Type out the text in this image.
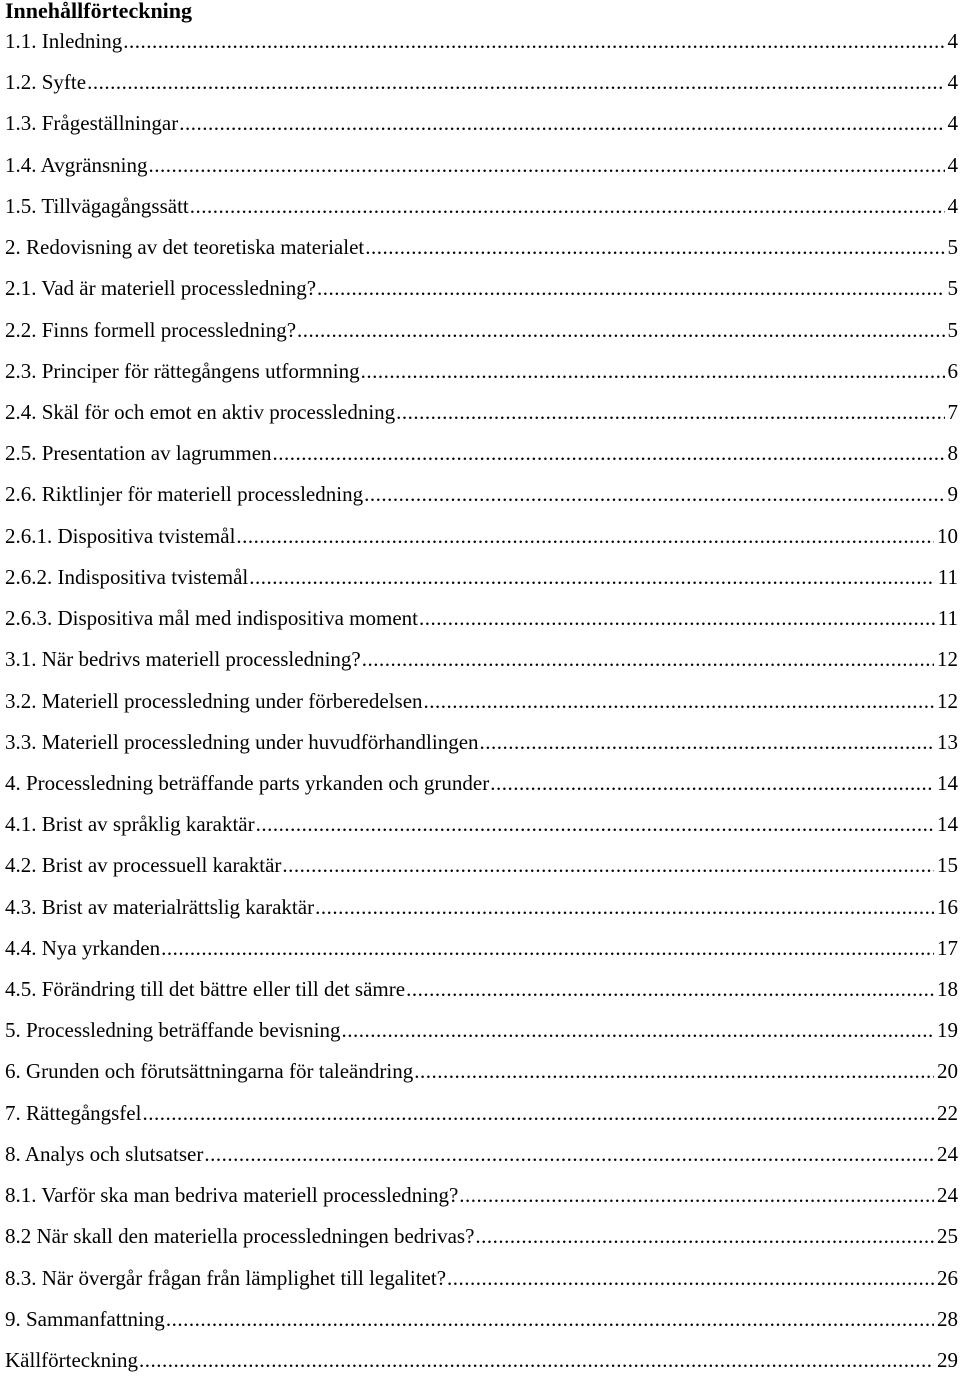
Innehållförteckning
1.1. Inledning .....	4
1.2. Syfte .....	4
1.3. Frågeställningar .....	4
1.4. Avgränsning .....	4
1.5. Tillvägagångssätt .....	4
2. Redovisning av det teoretiska materialet .....	5
2.1. Vad är materiell processledning? .....	5
2.2. Finns formell processledning? .....	5
2.3. Principer för rättegångens utformning .....	6
2.4. Skäl för och emot en aktiv processledning .....	7
2.5. Presentation av lagrummen .....	8
2.6. Riktlinjer för materiell processledning .....	9
2.6.1. Dispositiva tvistemål .....	10
2.6.2. Indispositiva tvistemål .....	11
2.6.3. Dispositiva mål med indispositiva moment .....	11
3.1. När bedrivs materiell processledning? .....	12
3.2. Materiell processledning under förberedelsen .....	12
3.3. Materiell processledning under huvudförhandlingen .....	13
4. Processledning beträffande parts yrkanden och grunder .....	14
4.1. Brist av språklig karaktär .....	14
4.2. Brist av processuell karaktär .....	15
4.3. Brist av materialrättslig karaktär .....	16
4.4. Nya yrkanden .....	17
4.5. Förändring till det bättre eller till det sämre .....	18
5. Processledning beträffande bevisning .....	19
6. Grunden och förutsättningarna för taleändring .....	20
7. Rättegångsfel .....	22
8. Analys och slutsatser .....	24
8.1. Varför ska man bedriva materiell processledning? .....	24
8.2 När skall den materiella processledningen bedrivas? .....	25
8.3. När övergår frågan från lämplighet till legalitet? .....	26
9. Sammanfattning .....	28
Källförteckning .....	29
